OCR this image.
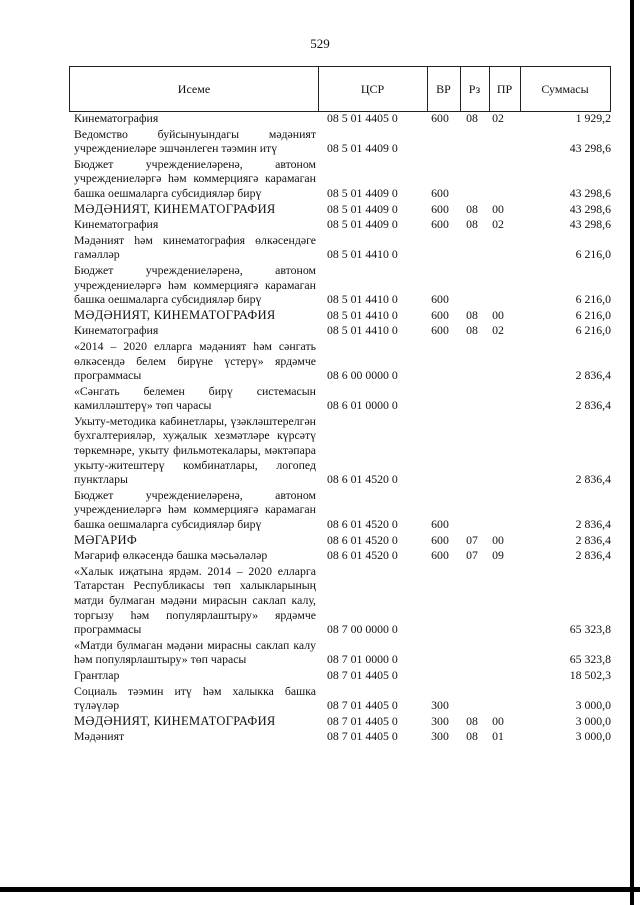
529
Исеме	ЦСР	ВР	Рз	ПР	Суммасы
Кинематография	08 5 01 4405 0	600	08	02	1 929,2
Ведомство буйсынуындагы мәдәният учреждениеләре эшчәнлеген тәэмин итү	08 5 01 4409 0	43 298,6
Бюджет учреждениеләренә, автоном учреждениеләргә һәм коммерциягә карамаган башка оешмаларга субсидияләр бирү	08 5 01 4409 0	600	43 298,6
МӘДӘНИЯТ, КИНЕМАТОГРАФИЯ	08 5 01 4409 0	600	08	00	43 298,6
Кинематография	08 5 01 4409 0	600	08	02	43 298,6
Мәдәният һәм кинематография өлкәсендәге гамәлләр	08 5 01 4410 0	6 216,0
Бюджет учреждениеләренә, автоном учреждениеләргә һәм коммерциягә карамаган башка оешмаларга субсидияләр бирү	08 5 01 4410 0	600	6 216,0
МӘДӘНИЯТ, КИНЕМАТОГРАФИЯ	08 5 01 4410 0	600	08	00	6 216,0
Кинематография	08 5 01 4410 0	600	08	02	6 216,0
«2014 – 2020 елларга мәдәният һәм сәнгать өлкәсендә белем бирүне үстерү» ярдәмче программасы	08 6 00 0000 0	2 836,4
«Сәнгать белемен бирү системасын камилләштерү» төп чарасы	08 6 01 0000 0	2 836,4
Укыту-методика кабинетлары, үзәкләштерелгән бухгалтерияләр, хуҗалык хезмәтләре күрсәтү төркемнәре, укыту фильмотекалары, мәктәпара укыту-житештерү комбинатлары, логопед пунктлары	08 6 01 4520 0	2 836,4
Бюджет учреждениеләренә, автоном учреждениеләргә һәм коммерциягә карамаган башка оешмаларга субсидияләр бирү	08 6 01 4520 0	600	2 836,4
МӘГАРИФ	08 6 01 4520 0	600	07	00	2 836,4
Мәгариф өлкәсендә башка мәсьәләләр	08 6 01 4520 0	600	07	09	2 836,4
«Халык иҗатына ярдәм. 2014 – 2020 елларга Татарстан Республикасы төп халыкларының матди булмаган мәдәни мирасын саклап калу, торгызу һәм популярлаштыру» ярдәмче программасы	08 7 00 0000 0	65 323,8
«Матди булмаган мәдәни мирасны саклап калу һәм популярлаштыру» төп чарасы	08 7 01 0000 0	65 323,8
Грантлар	08 7 01 4405 0	18 502,3
Социаль тәэмин итү һәм халыкка башка түләүләр	08 7 01 4405 0	300	3 000,0
МӘДӘНИЯТ, КИНЕМАТОГРАФИЯ	08 7 01 4405 0	300	08	00	3 000,0
Мәдәният	08 7 01 4405 0	300	08	01	3 000,0
